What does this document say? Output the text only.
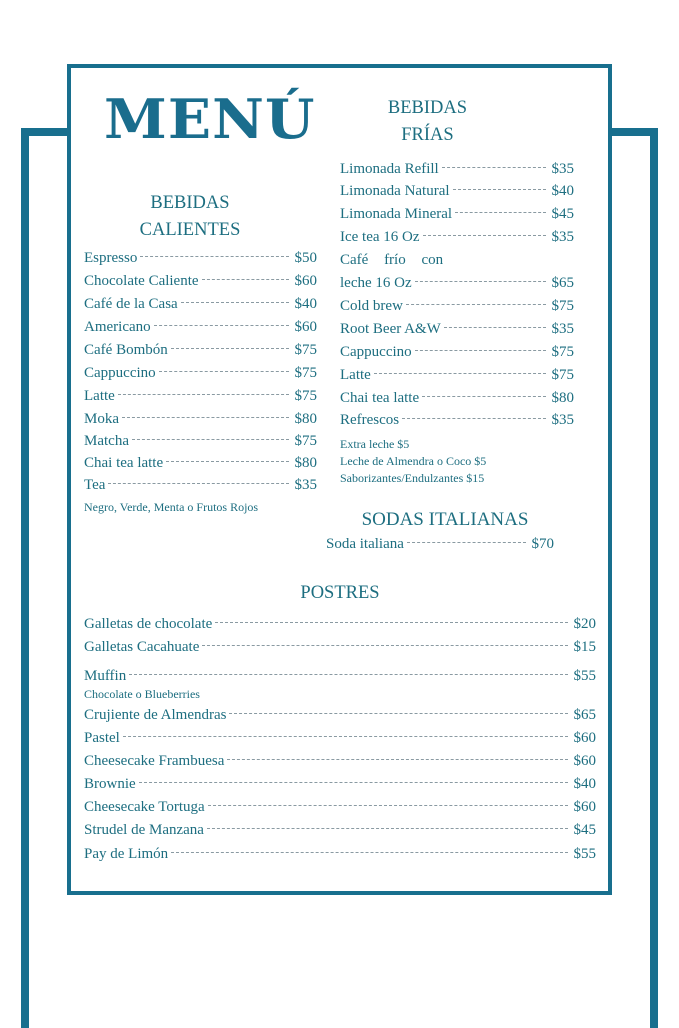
MENÚ
BEBIDAS
CALIENTES
Espresso	$50
Chocolate Caliente	$60
Café de la Casa	$40
Americano	$60
Café Bombón	$75
Cappuccino	$75
Latte	$75
Moka	$80
Matcha	$75
Chai tea latte	$80
Tea	$35
Negro, Verde, Menta o Frutos Rojos
BEBIDAS
FRÍAS
Limonada Refill	$35
Limonada Natural	$40
Limonada Mineral	$45
Ice tea 16 Oz	$35
Café frío con
leche 16 Oz	$65
Cold brew	$75
Root Beer A&W	$35
Cappuccino	$75
Latte	$75
Chai tea latte	$80
Refrescos	$35
Extra leche $5
Leche de Almendra o Coco $5
Saborizantes/Endulzantes $15
SODAS ITALIANAS
Soda italiana	$70
POSTRES
Galletas de chocolate	$20
Galletas Cacahuate	$15
Muffin	$55
Crujiente de Almendras	$65
Pastel	$60
Cheesecake Frambuesa	$60
Brownie	$40
Cheesecake Tortuga	$60
Strudel de Manzana	$45
Pay de Limón	$55
Chocolate o Blueberries
